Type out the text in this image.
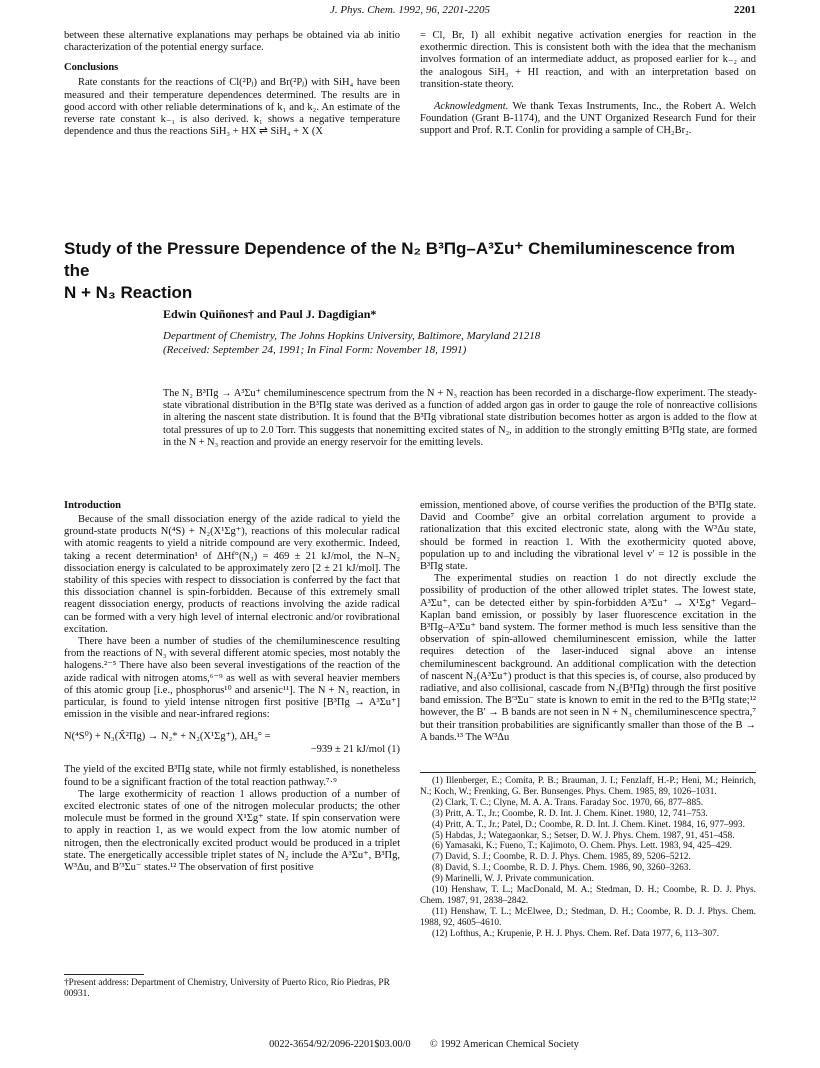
J. Phys. Chem. 1992, 96, 2201-2205	2201

between these alternative explanations may perhaps be obtained via ab initio characterization of the potential energy surface.

Conclusions

Rate constants for the reactions of Cl(²Pⱼ) and Br(²Pⱼ) with SiH₄ have been measured and their temperature dependences determined. The results are in good accord with other reliable determinations of k₁ and k₂. An estimate of the reverse rate constant k₋₁ is also derived. k₁ shows a negative temperature dependence and thus the reactions SiH₃ + HX ⇌ SiH₄ + X (X

= Cl, Br, I) all exhibit negative activation energies for reaction in the exothermic direction. This is consistent both with the idea that the mechanism involves formation of an intermediate adduct, as proposed earlier for k₋₂ and the analogous SiH₃ + HI reaction, and with an interpretation based on transition-state theory.

Acknowledgment. We thank Texas Instruments, Inc., the Robert A. Welch Foundation (Grant B-1174), and the UNT Organized Research Fund for their support and Prof. R.T. Conlin for providing a sample of CH₂Br₂.

Study of the Pressure Dependence of the N₂ B³Πg–A³Σu⁺ Chemiluminescence from the
N + N₃ Reaction
Edwin Quiñones† and Paul J. Dagdigian*
Department of Chemistry, The Johns Hopkins University, Baltimore, Maryland 21218
(Received: September 24, 1991; In Final Form: November 18, 1991)
The N₂ B³Πg → A³Σu⁺ chemiluminescence spectrum from the N + N₃ reaction has been recorded in a discharge-flow experiment. The steady-state vibrational distribution in the B³Πg state was derived as a function of added argon gas in order to gauge the role of nonreactive collisions in altering the nascent state distribution. It is found that the B³Πg vibrational state distribution becomes hotter as argon is added to the flow at total pressures of up to 2.0 Torr. This suggests that nonemitting excited states of N₂, in addition to the strongly emitting B³Πg state, are formed in the N + N₃ reaction and provide an energy reservoir for the emitting levels.

Introduction

Because of the small dissociation energy of the azide radical to yield the ground-state products N(⁴S) + N₂(X¹Σg⁺), reactions of this molecular radical with atomic reagents to yield a nitride compound are very exothermic. Indeed, taking a recent determination¹ of ΔHf°(N₃) = 469 ± 21 kJ/mol, the N–N₂ dissociation energy is calculated to be approximately zero [2 ± 21 kJ/mol]. The stability of this species with respect to dissociation is conferred by the fact that this dissociation channel is spin-forbidden. Because of this extremely small reagent dissociation energy, products of reactions involving the azide radical can be formed with a very high level of internal electronic and/or rovibrational excitation.

There have been a number of studies of the chemiluminescence resulting from the reactions of N₃ with several different atomic species, most notably the halogens.²⁻⁵ There have also been several investigations of the reaction of the azide radical with nitrogen atoms,⁶⁻⁹ as well as with several heavier members of this atomic group [i.e., phosphorus¹⁰ and arsenic¹¹]. The N + N₃ reaction, in particular, is found to yield intense nitrogen first positive [B³Πg → A³Σu⁺] emission in the visible and near-infrared regions:

N(⁴S⁰) + N₃(X̃²Πg) → N₂* + N₂(X¹Σg⁺), ΔH₀° =
−939 ± 21 kJ/mol (1)

The yield of the excited B³Πg state, while not firmly established, is nonetheless found to be a significant fraction of the total reaction pathway.⁷·⁹

The large exothermicity of reaction 1 allows production of a number of excited electronic states of one of the nitrogen molecular products; the other molecule must be formed in the ground X¹Σg⁺ state. If spin conservation were to apply in reaction 1, as we would expect from the low atomic number of nitrogen, then the electronically excited product would be produced in a triplet state. The energetically accessible triplet states of N₂ include the A³Σu⁺, B³Πg, W³Δu, and B′³Σu⁻ states.¹² The observation of first positive

†Present address: Department of Chemistry, University of Puerto Rico, Río Piedras, PR 00931.

emission, mentioned above, of course verifies the production of the B³Πg state. David and Coombe⁷ give an orbital correlation argument to provide a rationalization that this excited electronic state, along with the W³Δu state, should be formed in reaction 1. With the exothermicity quoted above, population up to and including the vibrational level v′ = 12 is possible in the B³Πg state.

The experimental studies on reaction 1 do not directly exclude the possibility of production of the other allowed triplet states. The lowest state, A³Σu⁺, can be detected either by spin-forbidden A³Σu⁺ → X¹Σg⁺ Vegard–Kaplan band emission, or possibly by laser fluorescence excitation in the B³Πg–A³Σu⁺ band system. The former method is much less sensitive than the observation of spin-allowed chemiluminescent emission, while the latter requires detection of the laser-induced signal above an intense chemiluminescent background. An additional complication with the detection of nascent N₂(A³Σu⁺) product is that this species is, of course, also produced by radiative, and also collisional, cascade from N₂(B³Πg) through the first positive band emission. The B′³Σu⁻ state is known to emit in the red to the B³Πg state;¹² however, the B′ → B bands are not seen in N + N₃ chemiluminescence spectra,⁷ but their transition probabilities are significantly smaller than those of the B → A bands.¹³ The W³Δu

(1) Illenberger, E.; Comita, P. B.; Brauman, J. I.; Fenzlaff, H.-P.; Heni, M.; Heinrich, N.; Koch, W.; Frenking, G. Ber. Bunsenges. Phys. Chem. 1985, 89, 1026–1031.

(2) Clark, T. C.; Clyne, M. A. A. Trans. Faraday Soc. 1970, 66, 877–885.

(3) Pritt, A. T., Jr.; Coombe, R. D. Int. J. Chem. Kinet. 1980, 12, 741–753.

(4) Pritt, A. T., Jr.; Patel, D.; Coombe, R. D. Int. J. Chem. Kinet. 1984, 16, 977–993.

(5) Habdas, J.; Wategaonkar, S.; Setser, D. W. J. Phys. Chem. 1987, 91, 451–458.

(6) Yamasaki, K.; Fueno, T.; Kajimoto, O. Chem. Phys. Lett. 1983, 94, 425–429.

(7) David, S. J.; Coombe, R. D. J. Phys. Chem. 1985, 89, 5206–5212.

(8) David, S. J.; Coombe, R. D. J. Phys. Chem. 1986, 90, 3260–3263.

(9) Marinelli, W. J. Private communication.

(10) Henshaw, T. L.; MacDonald, M. A.; Stedman, D. H.; Coombe, R. D. J. Phys. Chem. 1987, 91, 2838–2842.

(11) Henshaw, T. L.; McElwee, D.; Stedman, D. H.; Coombe, R. D. J. Phys. Chem. 1988, 92, 4605–4610.

(12) Lofthus, A.; Krupenie, P. H. J. Phys. Chem. Ref. Data 1977, 6, 113–307.

0022-3654/92/2096-2201$03.00/0 © 1992 American Chemical Society
